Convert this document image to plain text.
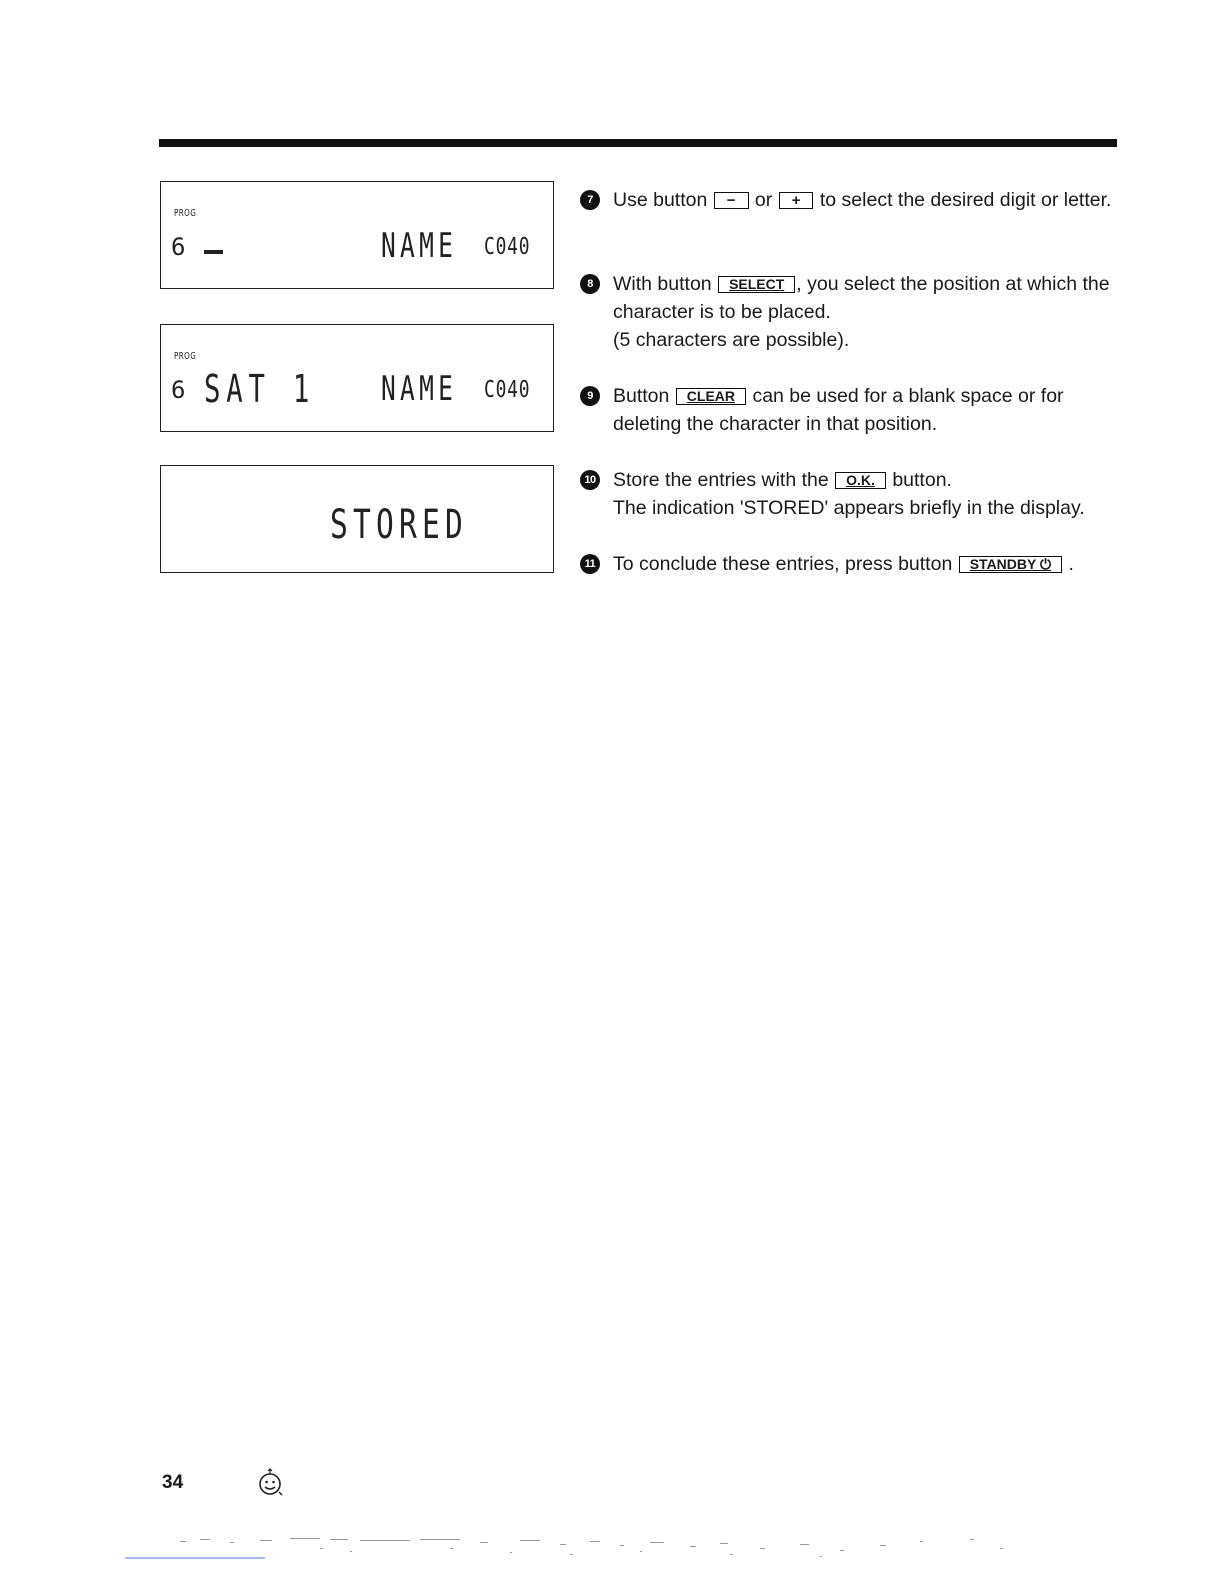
PROG
6	NAME C040
PROG
6 SAT 1 NAME C040
STORED
7	Use button − or + to select the desired digit or letter.
8	With button SELECT , you select the position at which the character is to be placed.
(5 characters are possible).
9	Button CLEAR can be used for a blank space or for deleting the character in that position.
10 Store the entries with the O.K. button.
The indication 'STORED' appears briefly in the display.
11 To conclude these entries, press button STANDBY ⏻ .
34
